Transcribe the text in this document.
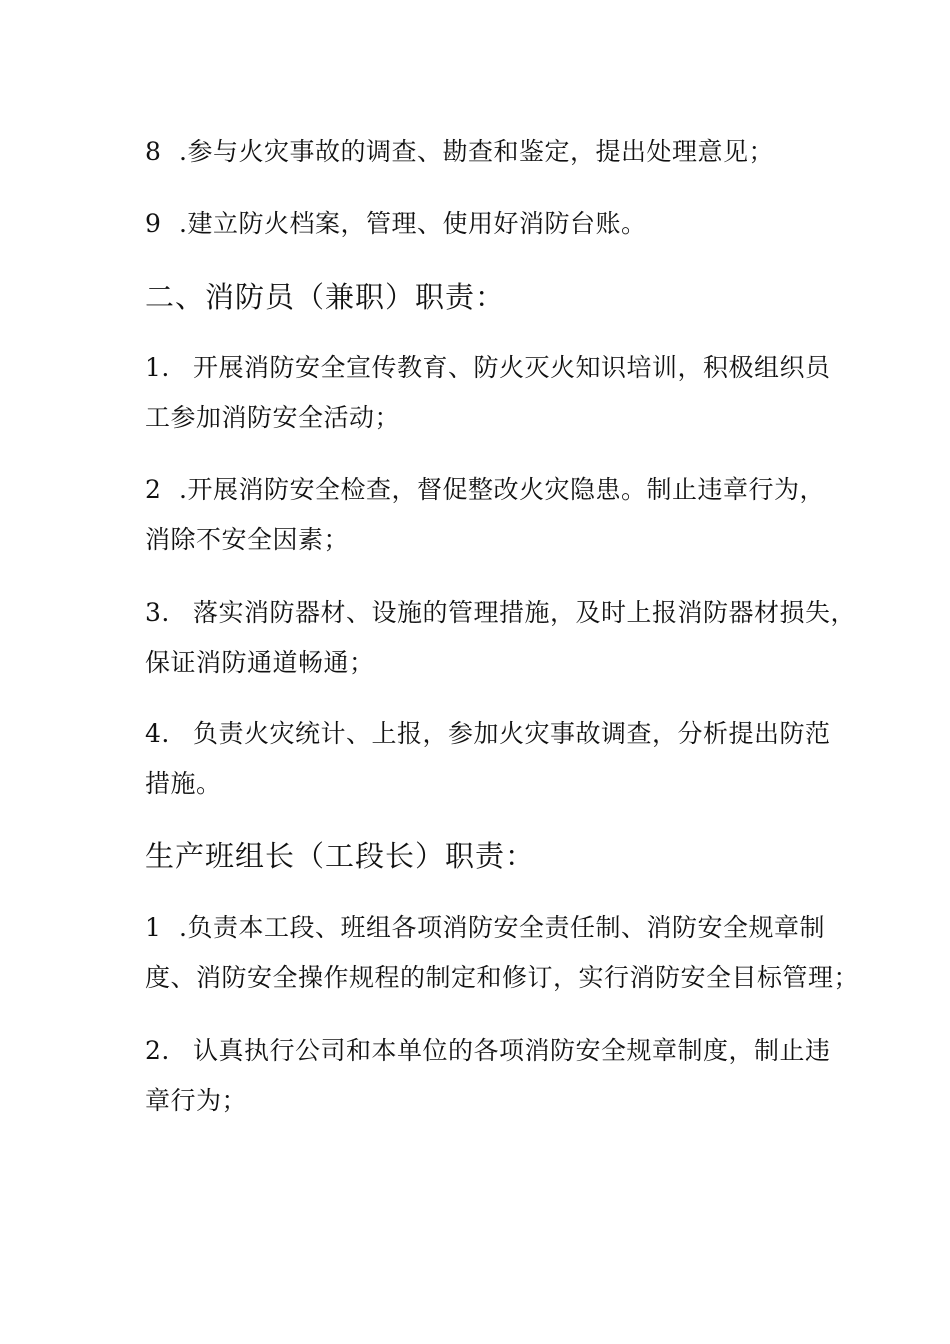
8 .参与火灾事故的调查、勘查和鉴定，提出处理意见；
9 .建立防火档案，管理、使用好消防台账。
二、消防员（兼职）职责：
1. 开展消防安全宣传教育、防火灭火知识培训，积极组织员
工参加消防安全活动；
2 .开展消防安全检查，督促整改火灾隐患。制止违章行为，
消除不安全因素；
3. 落实消防器材、设施的管理措施，及时上报消防器材损失，
保证消防通道畅通；
4. 负责火灾统计、上报，参加火灾事故调查，分析提出防范
措施。
生产班组长（工段长）职责：
1 .负责本工段、班组各项消防安全责任制、消防安全规章制
度、消防安全操作规程的制定和修订，实行消防安全目标管理；
2. 认真执行公司和本单位的各项消防安全规章制度，制止违
章行为；
